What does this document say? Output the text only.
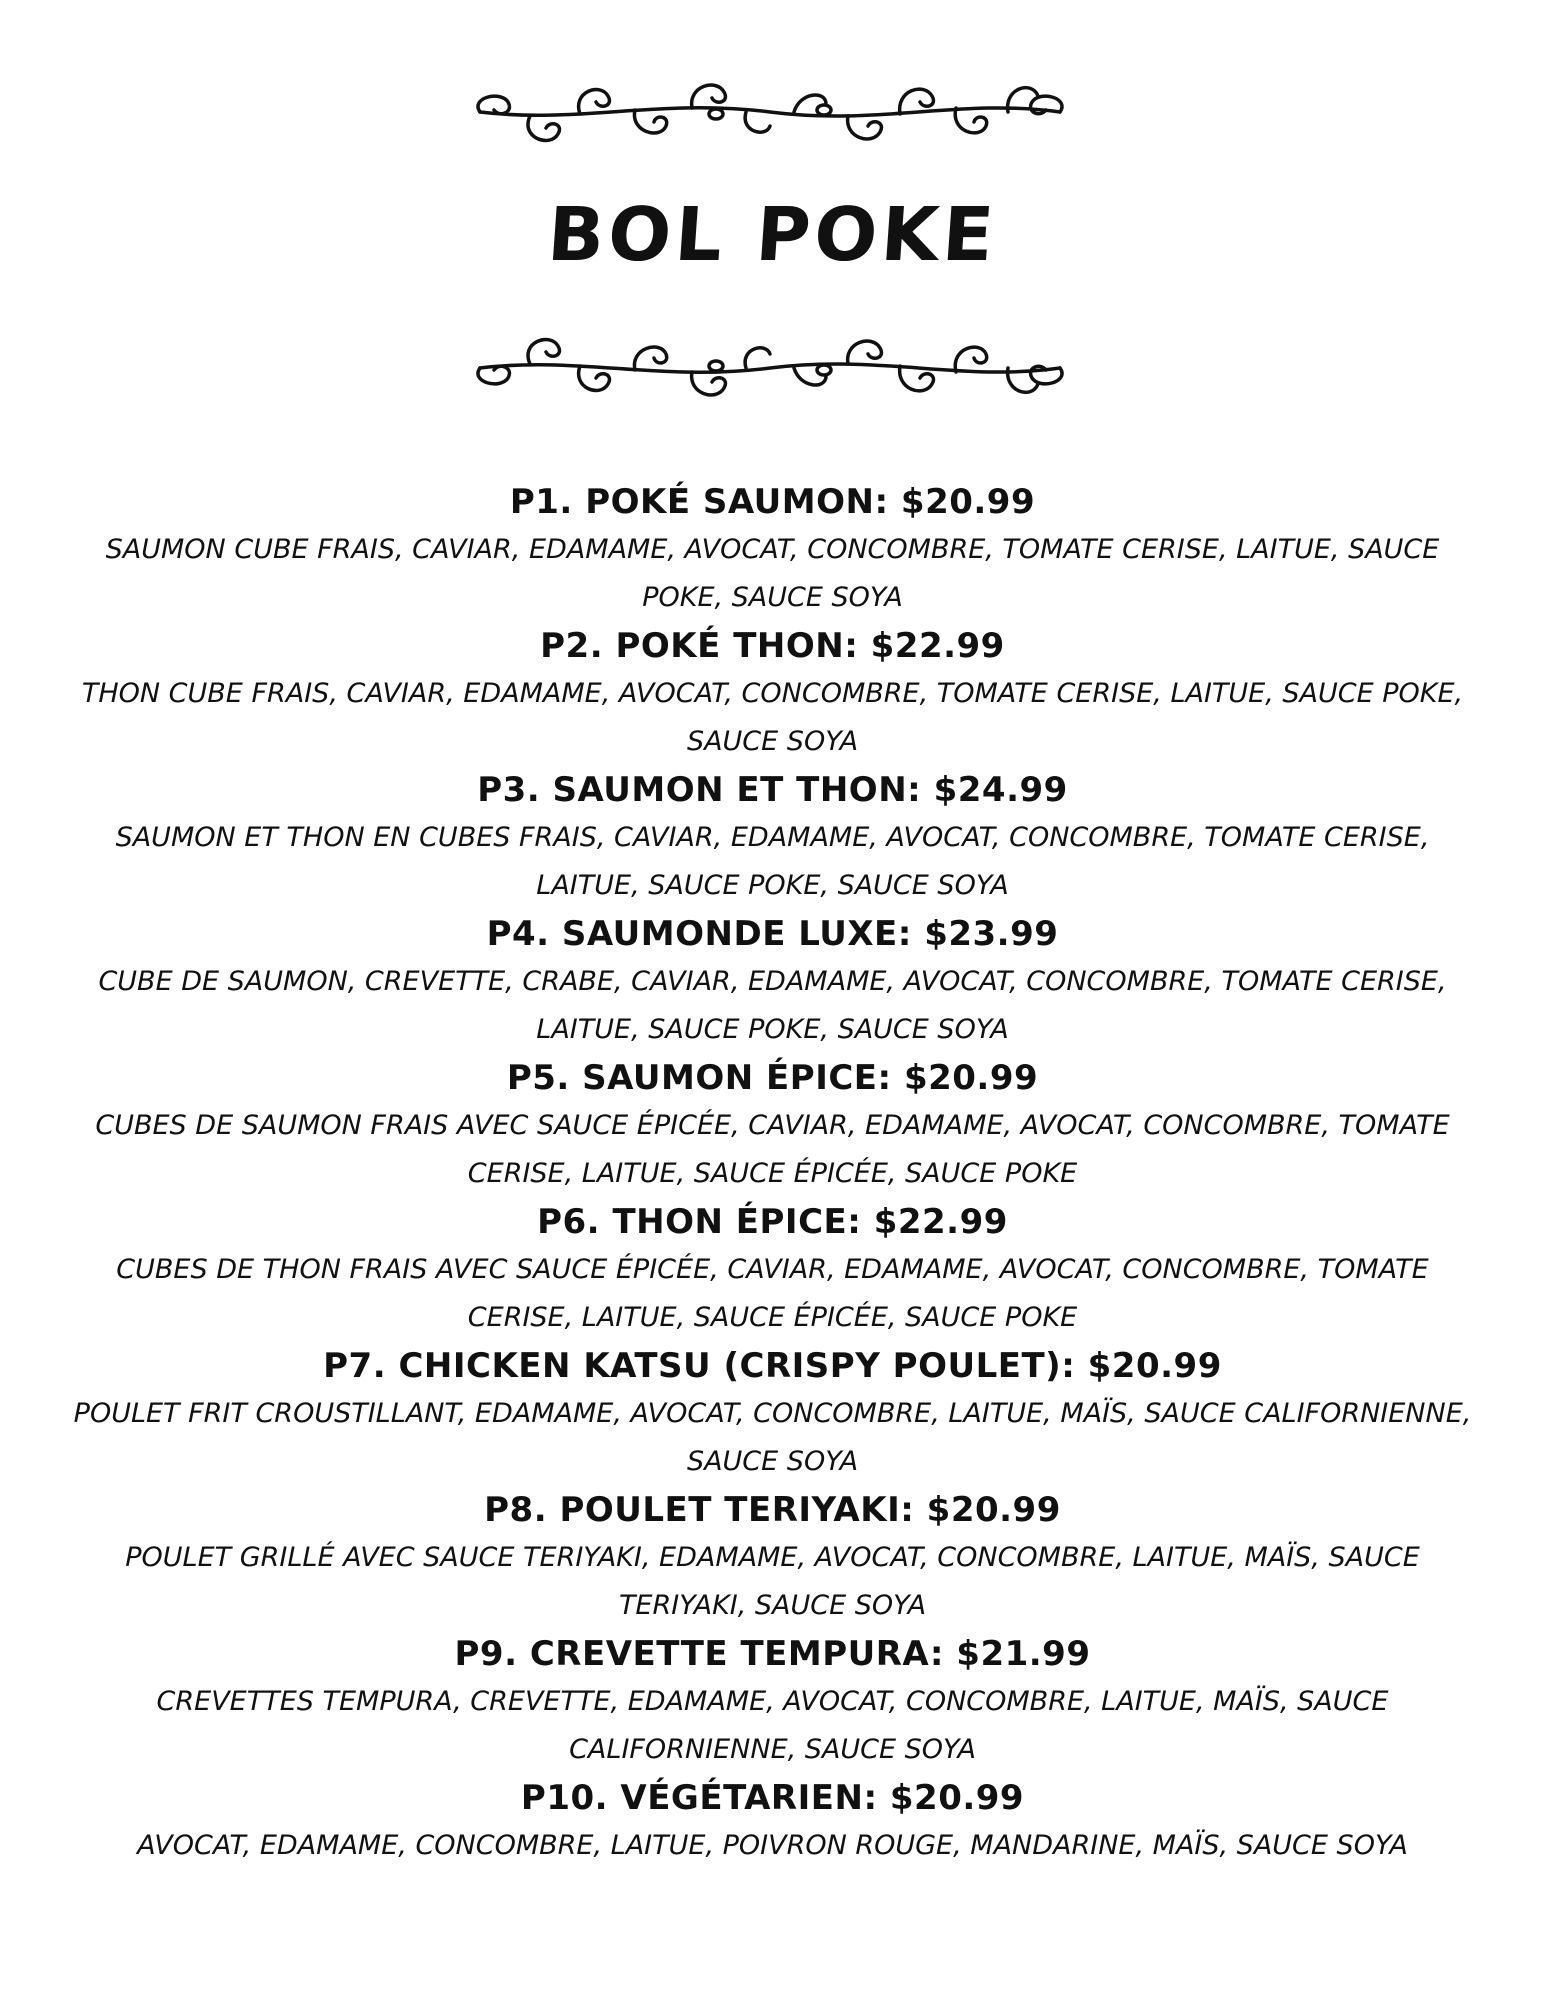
BOL POKE
P1. POKÉ SAUMON: $20.99
SAUMON CUBE FRAIS, CAVIAR, EDAMAME, AVOCAT, CONCOMBRE, TOMATE CERISE, LAITUE, SAUCE POKE, SAUCE SOYA
P2. POKÉ THON: $22.99
THON CUBE FRAIS, CAVIAR, EDAMAME, AVOCAT, CONCOMBRE, TOMATE CERISE, LAITUE, SAUCE POKE, SAUCE SOYA
P3. SAUMON ET THON: $24.99
SAUMON ET THON EN CUBES FRAIS, CAVIAR, EDAMAME, AVOCAT, CONCOMBRE, TOMATE CERISE, LAITUE, SAUCE POKE, SAUCE SOYA
P4. SAUMONDE LUXE: $23.99
CUBE DE SAUMON, CREVETTE, CRABE, CAVIAR, EDAMAME, AVOCAT, CONCOMBRE, TOMATE CERISE, LAITUE, SAUCE POKE, SAUCE SOYA
P5. SAUMON ÉPICE: $20.99
CUBES DE SAUMON FRAIS AVEC SAUCE ÉPICÉE, CAVIAR, EDAMAME, AVOCAT, CONCOMBRE, TOMATE CERISE, LAITUE, SAUCE ÉPICÉE, SAUCE POKE
P6. THON ÉPICE: $22.99
CUBES DE THON FRAIS AVEC SAUCE ÉPICÉE, CAVIAR, EDAMAME, AVOCAT, CONCOMBRE, TOMATE CERISE, LAITUE, SAUCE ÉPICÉE, SAUCE POKE
P7. CHICKEN KATSU (CRISPY POULET): $20.99
POULET FRIT CROUSTILLANT, EDAMAME, AVOCAT, CONCOMBRE, LAITUE, MAÏS, SAUCE CALIFORNIENNE, SAUCE SOYA
P8. POULET TERIYAKI: $20.99
POULET GRILLÉ AVEC SAUCE TERIYAKI, EDAMAME, AVOCAT, CONCOMBRE, LAITUE, MAÏS, SAUCE TERIYAKI, SAUCE SOYA
P9. CREVETTE TEMPURA: $21.99
CREVETTES TEMPURA, CREVETTE, EDAMAME, AVOCAT, CONCOMBRE, LAITUE, MAÏS, SAUCE CALIFORNIENNE, SAUCE SOYA
P10. VÉGÉTARIEN: $20.99
AVOCAT, EDAMAME, CONCOMBRE, LAITUE, POIVRON ROUGE, MANDARINE, MAÏS, SAUCE SOYA
